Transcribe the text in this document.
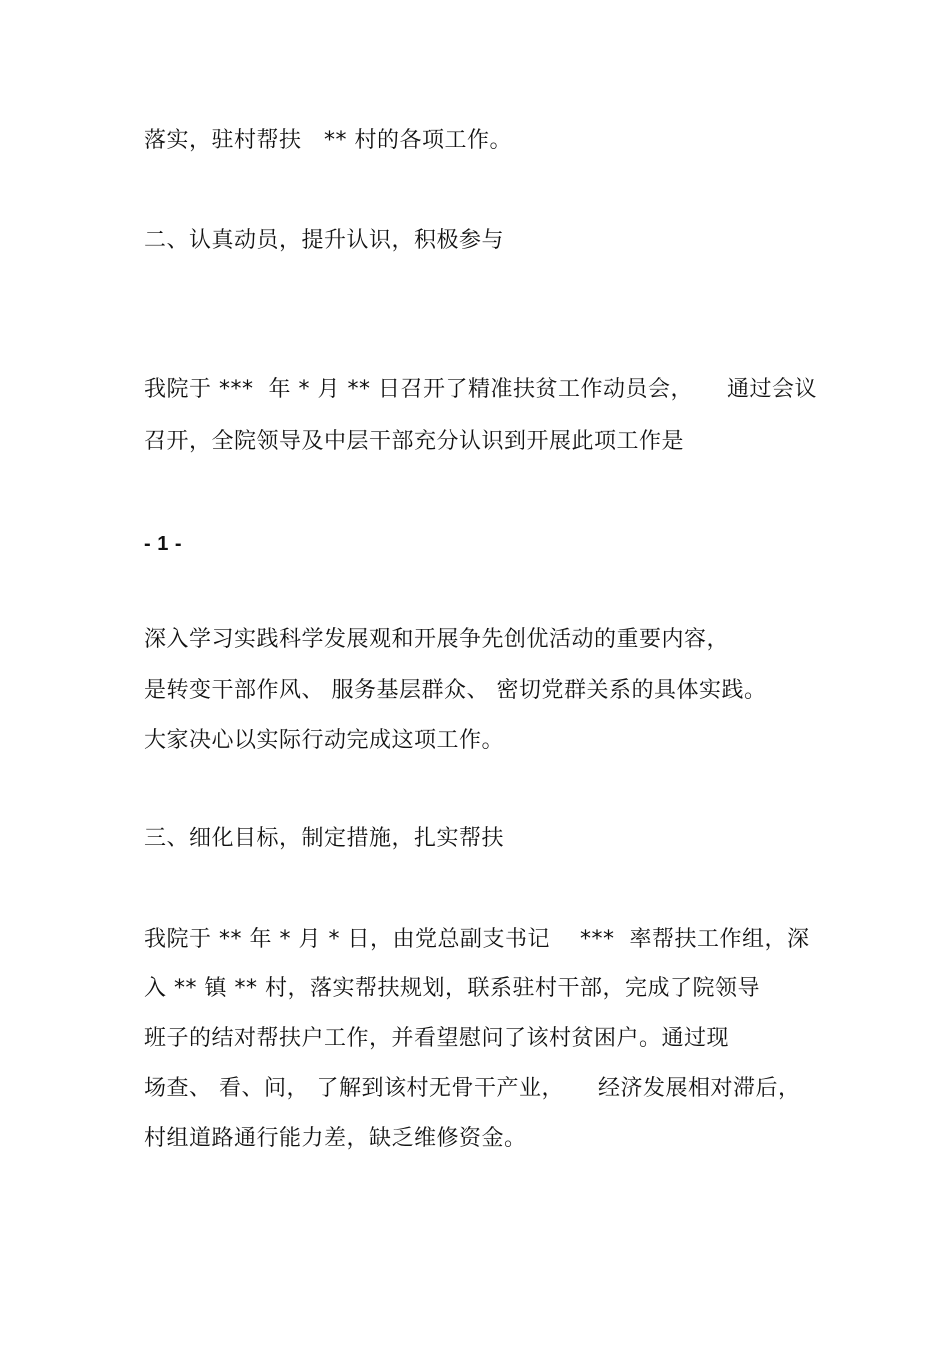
落实，驻村帮扶　** 村的各项工作。
二、认真动员，提升认识，积极参与
我院于 ***  年 * 月 ** 日召开了精准扶贫工作动员会，　　通过会议
召开，全院领导及中层干部充分认识到开展此项工作是
- 1 -
深入学习实践科学发展观和开展争先创优活动的重要内容，
是转变干部作风、 服务基层群众、 密切党群关系的具体实践。
大家决心以实际行动完成这项工作。
三、细化目标，制定措施，扎实帮扶
我院于 ** 年 * 月 * 日，由党总副支书记　 ***  率帮扶工作组，深
入 ** 镇 ** 村，落实帮扶规划，联系驻村干部，完成了院领导
班子的结对帮扶户工作，并看望慰问了该村贫困户。通过现
场查、 看、问， 了解到该村无骨干产业，　　经济发展相对滞后，
村组道路通行能力差，缺乏维修资金。
